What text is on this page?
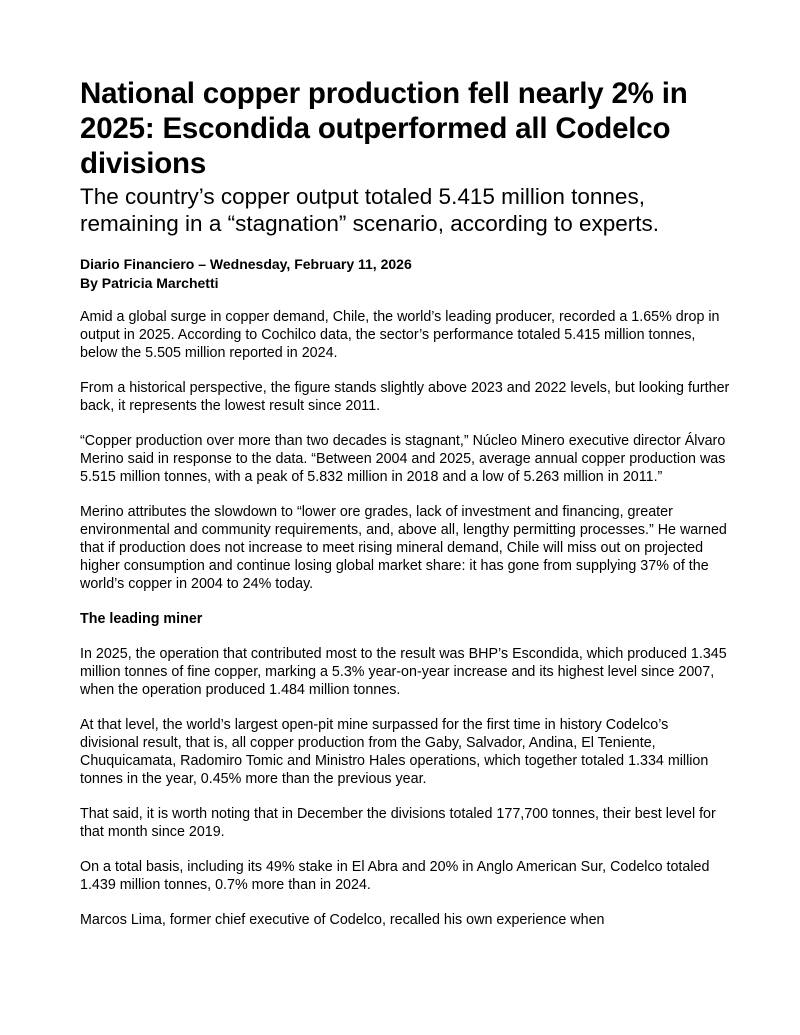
National copper production fell nearly 2% in 2025: Escondida outperformed all Codelco divisions
The country’s copper output totaled 5.415 million tonnes, remaining in a “stagnation” scenario, according to experts.
Diario Financiero – Wednesday, February 11, 2026
By Patricia Marchetti

Amid a global surge in copper demand, Chile, the world’s leading producer, recorded a 1.65% drop in output in 2025. According to Cochilco data, the sector’s performance totaled 5.415 million tonnes, below the 5.505 million reported in 2024.

From a historical perspective, the figure stands slightly above 2023 and 2022 levels, but looking further back, it represents the lowest result since 2011.

“Copper production over more than two decades is stagnant,” Núcleo Minero executive director Álvaro Merino said in response to the data. “Between 2004 and 2025, average annual copper production was 5.515 million tonnes, with a peak of 5.832 million in 2018 and a low of 5.263 million in 2011.”

Merino attributes the slowdown to “lower ore grades, lack of investment and financing, greater environmental and community requirements, and, above all, lengthy permitting processes.” He warned that if production does not increase to meet rising mineral demand, Chile will miss out on projected higher consumption and continue losing global market share: it has gone from supplying 37% of the world’s copper in 2004 to 24% today.

The leading miner

In 2025, the operation that contributed most to the result was BHP’s Escondida, which produced 1.345 million tonnes of fine copper, marking a 5.3% year-on-year increase and its highest level since 2007, when the operation produced 1.484 million tonnes.

At that level, the world’s largest open-pit mine surpassed for the first time in history Codelco’s divisional result, that is, all copper production from the Gaby, Salvador, Andina, El Teniente, Chuquicamata, Radomiro Tomic and Ministro Hales operations, which together totaled 1.334 million tonnes in the year, 0.45% more than the previous year.

That said, it is worth noting that in December the divisions totaled 177,700 tonnes, their best level for that month since 2019.

On a total basis, including its 49% stake in El Abra and 20% in Anglo American Sur, Codelco totaled 1.439 million tonnes, 0.7% more than in 2024.

Marcos Lima, former chief executive of Codelco, recalled his own experience when
